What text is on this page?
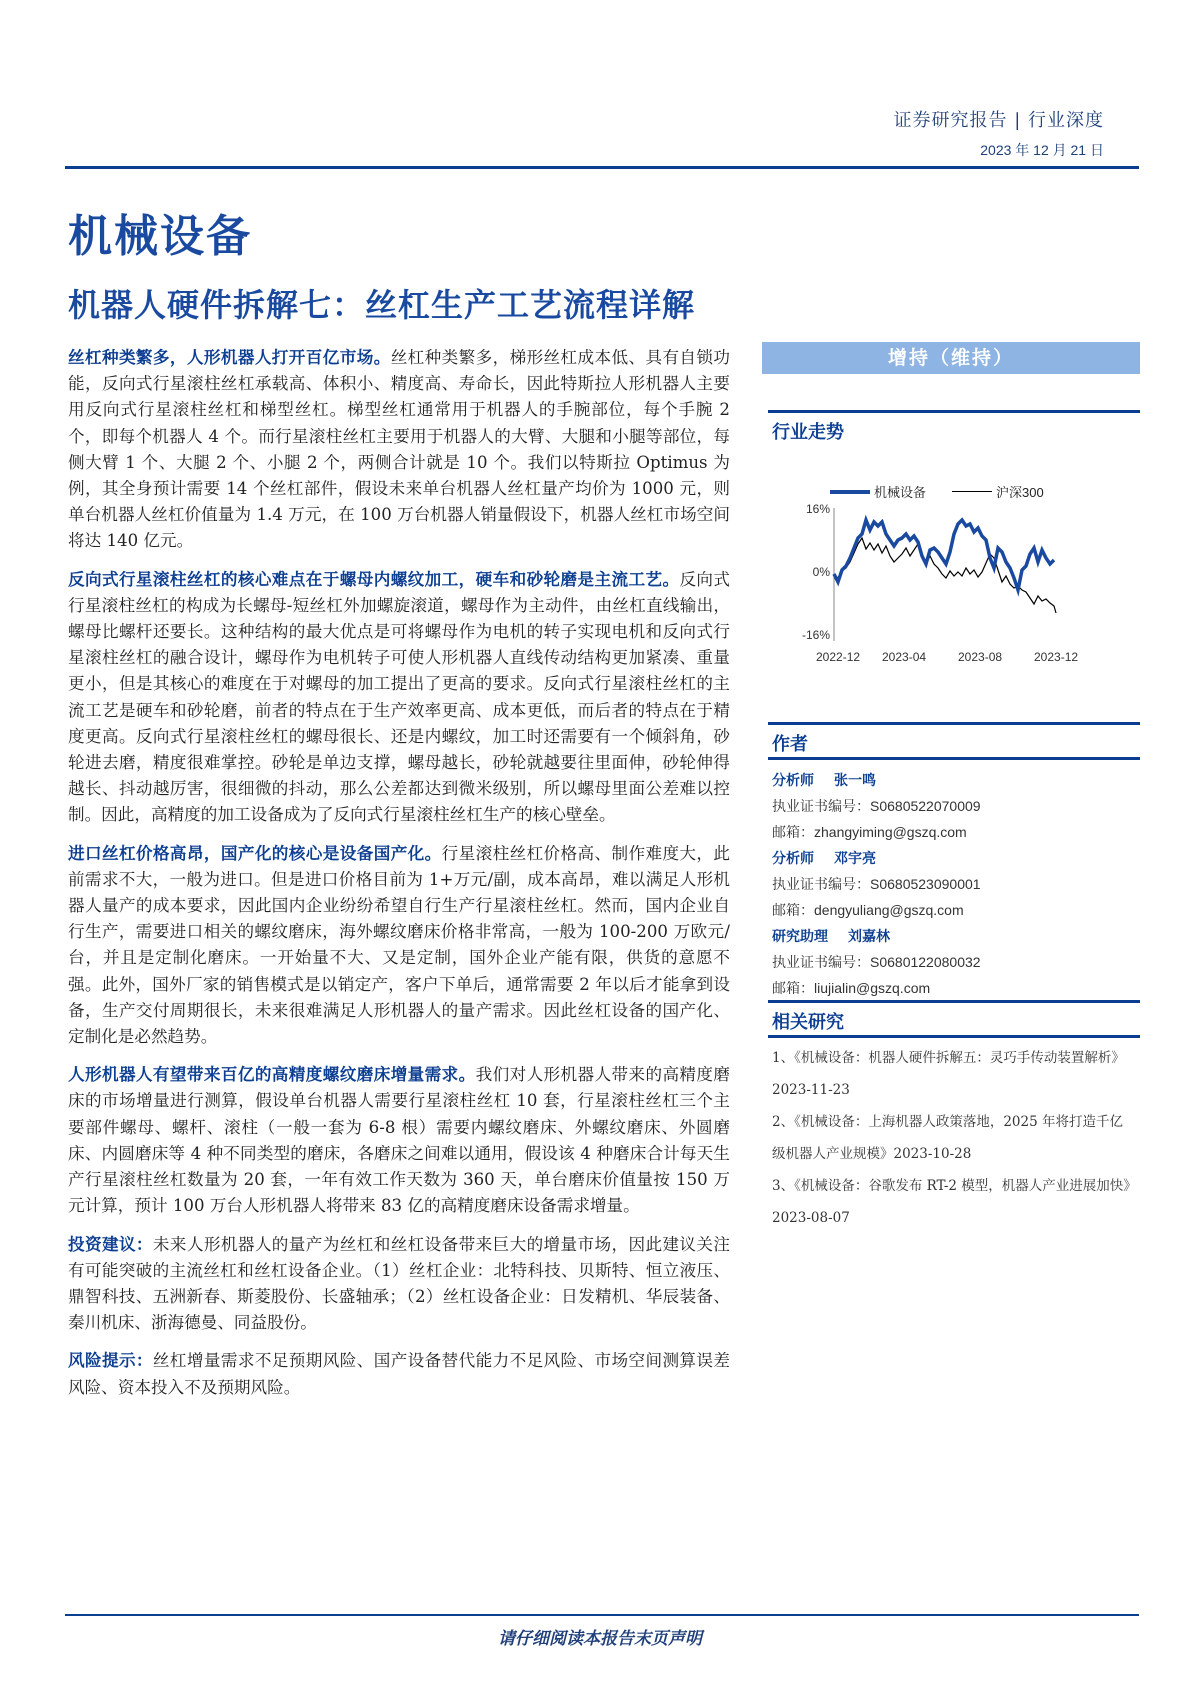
证券研究报告 | 行业深度
2023 年 12 月 21 日
机械设备
机器人硬件拆解七：丝杠生产工艺流程详解

丝杠种类繁多，人形机器人打开百亿市场。丝杠种类繁多，梯形丝杠成本低、具有自锁功能，反向式行星滚柱丝杠承载高、体积小、精度高、寿命长，因此特斯拉人形机器人主要用反向式行星滚柱丝杠和梯型丝杠。梯型丝杠通常用于机器人的手腕部位，每个手腕 2 个，即每个机器人 4 个。而行星滚柱丝杠主要用于机器人的大臂、大腿和小腿等部位，每侧大臂 1 个、大腿 2 个、小腿 2 个，两侧合计就是 10 个。我们以特斯拉 Optimus 为例，其全身预计需要 14 个丝杠部件，假设未来单台机器人丝杠量产均价为 1000 元，则单台机器人丝杠价值量为 1.4 万元，在 100 万台机器人销量假设下，机器人丝杠市场空间将达 140 亿元。

反向式行星滚柱丝杠的核心难点在于螺母内螺纹加工，硬车和砂轮磨是主流工艺。反向式行星滚柱丝杠的构成为长螺母-短丝杠外加螺旋滚道，螺母作为主动件，由丝杠直线输出，螺母比螺杆还要长。这种结构的最大优点是可将螺母作为电机的转子实现电机和反向式行星滚柱丝杠的融合设计，螺母作为电机转子可使人形机器人直线传动结构更加紧凑、重量更小，但是其核心的难度在于对螺母的加工提出了更高的要求。反向式行星滚柱丝杠的主流工艺是硬车和砂轮磨，前者的特点在于生产效率更高、成本更低，而后者的特点在于精度更高。反向式行星滚柱丝杠的螺母很长、还是内螺纹，加工时还需要有一个倾斜角，砂轮进去磨，精度很难掌控。砂轮是单边支撑，螺母越长，砂轮就越要往里面伸，砂轮伸得越长、抖动越厉害，很细微的抖动，那么公差都达到微米级别，所以螺母里面公差难以控制。因此，高精度的加工设备成为了反向式行星滚柱丝杠生产的核心壁垒。

进口丝杠价格高昂，国产化的核心是设备国产化。行星滚柱丝杠价格高、制作难度大，此前需求不大，一般为进口。但是进口价格目前为 1+万元/副，成本高昂，难以满足人形机器人量产的成本要求，因此国内企业纷纷希望自行生产行星滚柱丝杠。然而，国内企业自行生产，需要进口相关的螺纹磨床，海外螺纹磨床价格非常高，一般为 100-200 万欧元/台，并且是定制化磨床。一开始量不大、又是定制，国外企业产能有限，供货的意愿不强。此外，国外厂家的销售模式是以销定产，客户下单后，通常需要 2 年以后才能拿到设备，生产交付周期很长，未来很难满足人形机器人的量产需求。因此丝杠设备的国产化、定制化是必然趋势。

人形机器人有望带来百亿的高精度螺纹磨床增量需求。我们对人形机器人带来的高精度磨床的市场增量进行测算，假设单台机器人需要行星滚柱丝杠 10 套，行星滚柱丝杠三个主要部件螺母、螺杆、滚柱（一般一套为 6-8 根）需要内螺纹磨床、外螺纹磨床、外圆磨床、内圆磨床等 4 种不同类型的磨床，各磨床之间难以通用，假设该 4 种磨床合计每天生产行星滚柱丝杠数量为 20 套，一年有效工作天数为 360 天，单台磨床价值量按 150 万元计算，预计 100 万台人形机器人将带来 83 亿的高精度磨床设备需求增量。

投资建议：未来人形机器人的量产为丝杠和丝杠设备带来巨大的增量市场，因此建议关注有可能突破的主流丝杠和丝杠设备企业。（1）丝杠企业：北特科技、贝斯特、恒立液压、鼎智科技、五洲新春、斯菱股份、长盛轴承；（2）丝杠设备企业：日发精机、华辰装备、秦川机床、浙海德曼、同益股份。

风险提示：丝杠增量需求不足预期风险、国产设备替代能力不足风险、市场空间测算误差风险、资本投入不及预期风险。

增持（维持）
行业走势
机械设备	沪深300
16%
0%
-16%
2022-12 2023-04	2023-08	2023-12
作者
分析师 张一鸣
执业证书编号：S0680522070009
邮箱：zhangyiming@gszq.com
分析师 邓宇亮
执业证书编号：S0680523090001
邮箱：dengyuliang@gszq.com
研究助理 刘嘉林
执业证书编号：S0680122080032
邮箱：liujialin@gszq.com
相关研究
1、《机械设备：机器人硬件拆解五：灵巧手传动装置解析》2023-11-23
2、《机械设备：上海机器人政策落地，2025 年将打造千亿级机器人产业规模》2023-10-28
3、《机械设备：谷歌发布 RT-2 模型，机器人产业进展加快》2023-08-07
请仔细阅读本报告末页声明
